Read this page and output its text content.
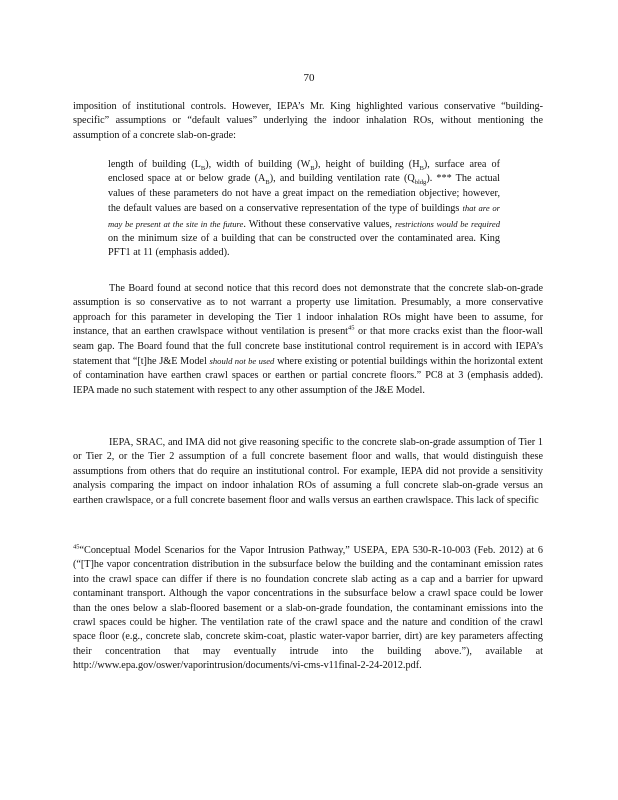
70

imposition of institutional controls. However, IEPA’s Mr. King highlighted various conservative “building-specific” assumptions or “default values” underlying the indoor inhalation ROs, without mentioning the assumption of a concrete slab-on-grade:

length of building $(L_B)$, width of building $(W_B)$, height of building $(H_B)$, surface area of enclosed space at or below grade $(A_B)$, and building ventilation rate $(Q_{bldg})$. *** The actual values of these parameters do not have a great impact on the remediation objective; however, the default values are based on a conservative representation of the type of buildings that are or may be present at the site in the future. Without these conservative values, restrictions would be required on the minimum size of a building that can be constructed over the contaminated area. King PFT1 at 11 (emphasis added).

The Board found at second notice that this record does not demonstrate that the concrete slab-on-grade assumption is so conservative as to not warrant a property use limitation. Presumably, a more conservative approach for this parameter in developing the Tier 1 indoor inhalation ROs might have been to assume, for instance, that an earthen crawlspace without ventilation is present$^{45}$ or that more cracks exist than the floor-wall seam gap. The Board found that the full concrete base institutional control requirement is in accord with IEPA’s statement that “[t]he J&E Model should not be used where existing or potential buildings within the horizontal extent of contamination have earthen crawl spaces or earthen or partial concrete floors.” PC8 at 3 (emphasis added). IEPA made no such statement with respect to any other assumption of the J&E Model.

IEPA, SRAC, and IMA did not give reasoning specific to the concrete slab-on-grade assumption of Tier 1 or Tier 2, or the Tier 2 assumption of a full concrete basement floor and walls, that would distinguish these assumptions from others that do require an institutional control. For example, IEPA did not provide a sensitivity analysis comparing the impact on indoor inhalation ROs of assuming a full concrete slab-on-grade versus an earthen crawlspace, or a full concrete basement floor and walls versus an earthen crawlspace. This lack of specific

$^{45}$“Conceptual Model Scenarios for the Vapor Intrusion Pathway,” USEPA, EPA 530-R-10-003 (Feb. 2012) at 6 (“[T]he vapor concentration distribution in the subsurface below the building and the contaminant emission rates into the crawl space can differ if there is no foundation concrete slab acting as a cap and a barrier for upward contaminant transport. Although the vapor concentrations in the subsurface below a crawl space could be lower than the ones below a slab-floored basement or a slab-on-grade foundation, the contaminant emissions into the crawl spaces could be higher. The ventilation rate of the crawl space and the nature and condition of the crawl space floor (e.g., concrete slab, concrete skim-coat, plastic water-vapor barrier, dirt) are key parameters affecting their concentration that may eventually intrude into the building above.”), available at http://www.epa.gov/oswer/vaporintrusion/documents/vi-cms-v11final-2-24-2012.pdf.
